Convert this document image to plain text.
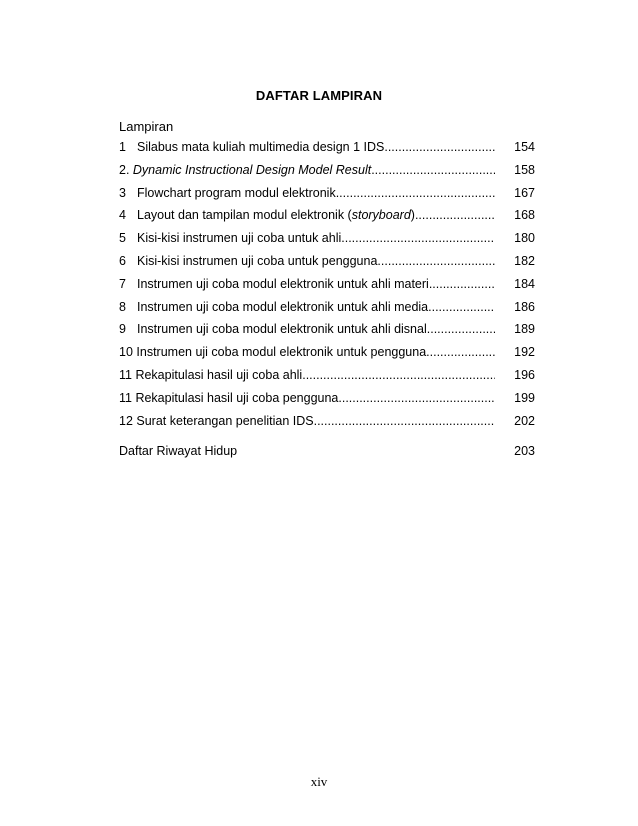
DAFTAR LAMPIRAN
Lampiran
1 Silabus mata kuliah multimedia design 1 IDS .....	154
2. Dynamic Instructional Design Model Result .....	158
3 Flowchart program modul elektronik .....	167
4 Layout dan tampilan modul elektronik (storyboard) .....	168
5 Kisi-kisi instrumen uji coba untuk ahli .....	180
6 Kisi-kisi instrumen uji coba untuk pengguna .....	182
7 Instrumen uji coba modul elektronik untuk ahli materi .....	184
8 Instrumen uji coba modul elektronik untuk ahli media .....	186
9 Instrumen uji coba modul elektronik untuk ahli disnal .....	189
10 Instrumen uji coba modul elektronik untuk pengguna .....	192
11 Rekapitulasi hasil uji coba ahli .....	196
11 Rekapitulasi hasil uji coba pengguna .....	199
12 Surat keterangan penelitian IDS .....	202
Daftar Riwayat Hidup	203
xiv
